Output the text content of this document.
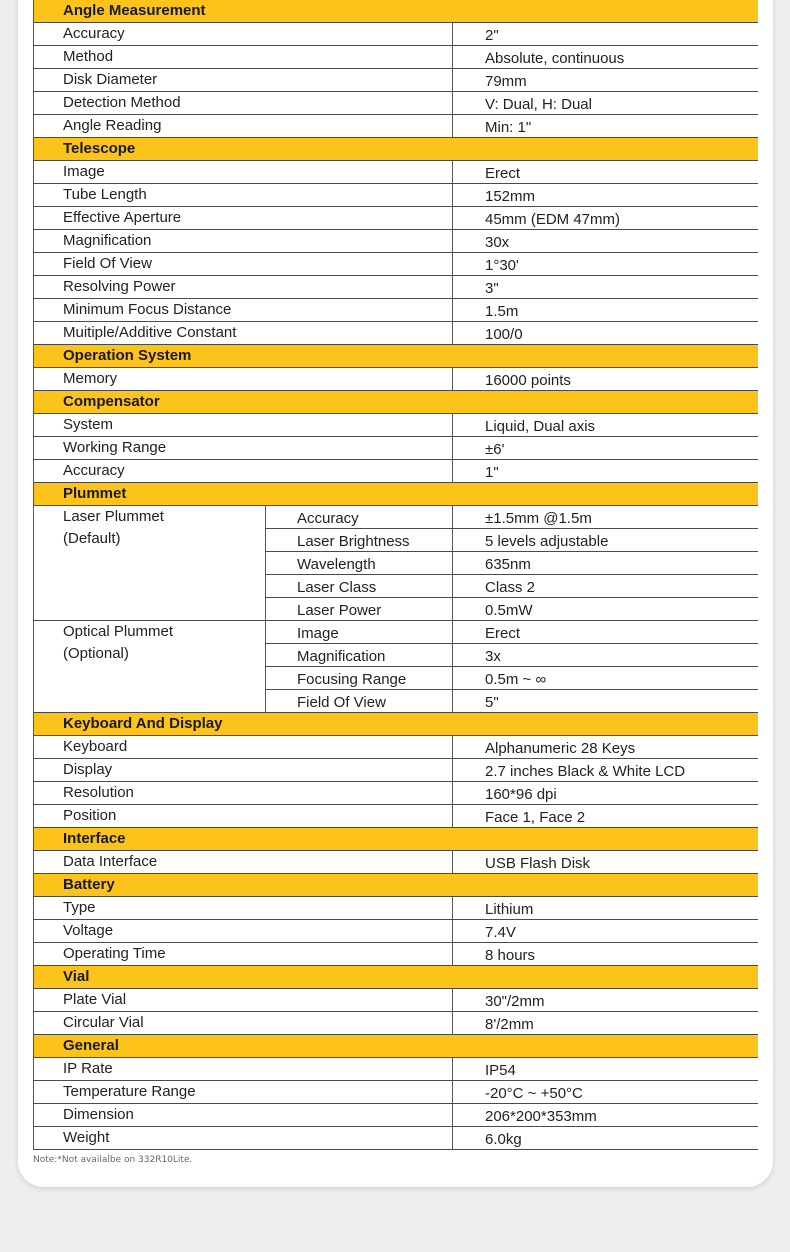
Angle Measurement
Accuracy	2"
Method	Absolute, continuous
Disk Diameter	79mm
Detection Method	V: Dual, H: Dual
Angle Reading	Min: 1"
Telescope
Image	Erect
Tube Length	152mm
Effective Aperture	45mm (EDM 47mm)
Magnification	30x
Field Of View	1°30'
Resolving Power	3"
Minimum Focus Distance	1.5m
Muitiple/Additive Constant	100/0
Operation System
Memory	16000 points
Compensator
System	Liquid, Dual axis
Working Range	±6'
Accuracy	1"
Plummet
Laser Plummet
(Default)
Accuracy	±1.5mm @1.5m
Laser Brightness	5 levels adjustable
Wavelength	635nm
Laser Class	Class 2
Laser Power	0.5mW
Optical Plummet
(Optional)
Image	Erect
Magnification	3x
Focusing Range	0.5m ~ ∞
Field Of View	5"
Keyboard And Display
Keyboard	Alphanumeric 28 Keys
Display	2.7 inches Black & White LCD
Resolution	160*96 dpi
Position	Face 1, Face 2
Interface
Data Interface	USB Flash Disk
Battery
Type	Lithium
Voltage	7.4V
Operating Time	8 hours
Vial
Plate Vial	30"/2mm
Circular Vial	8'/2mm
General
IP Rate	IP54
Temperature Range	-20°C ~ +50°C
Dimension	206*200*353mm
Weight	6.0kg
Note:*Not availalbe on 332R10Lite.
